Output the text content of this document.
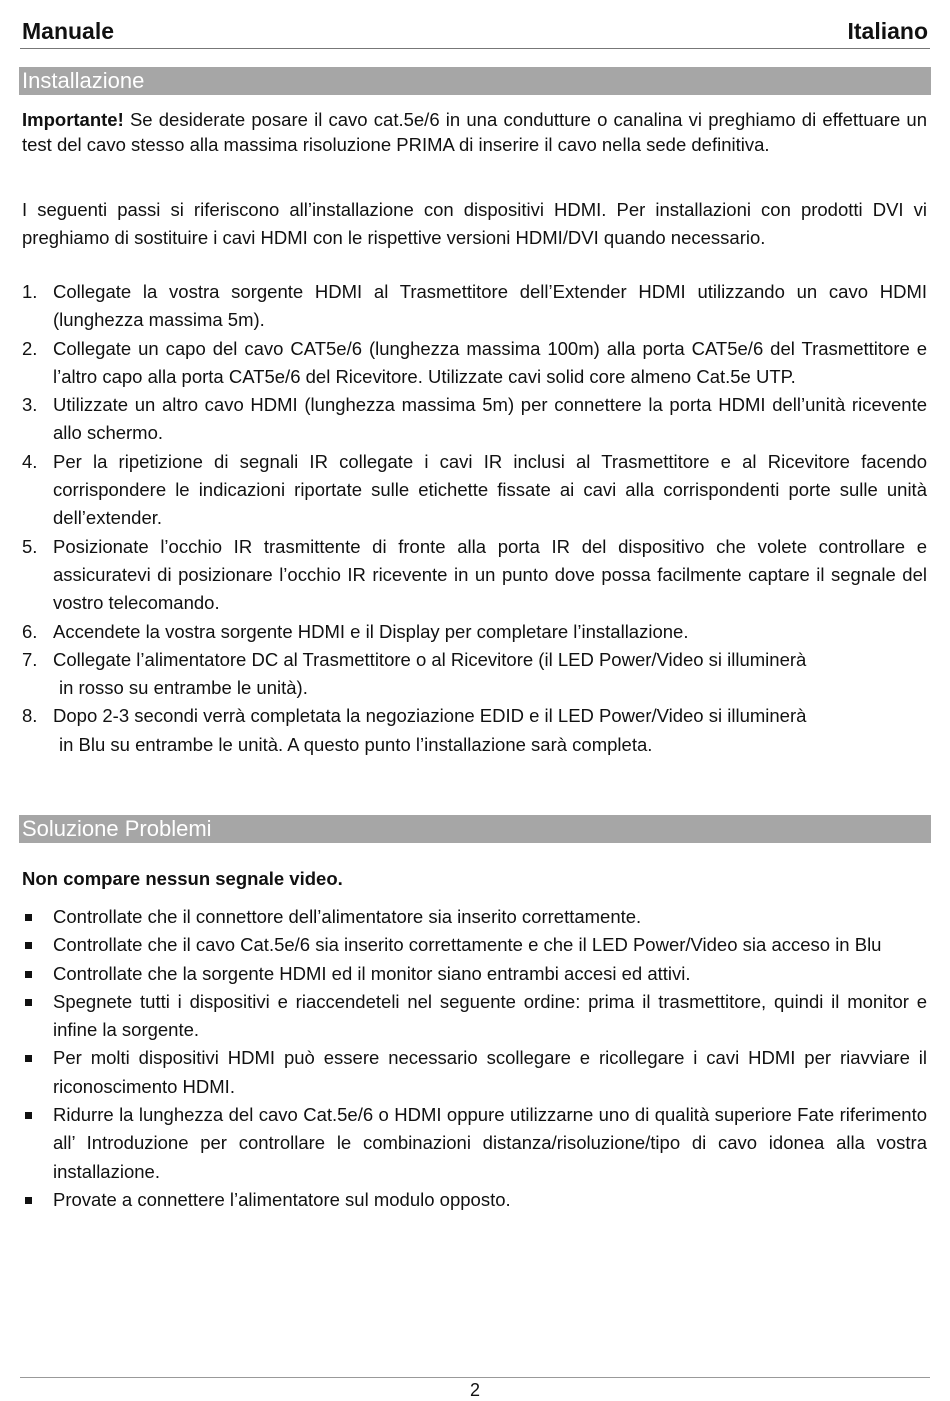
Manuale	Italiano
Installazione
Importante! Se desiderate posare il cavo cat.5e/6 in una condutture o canalina vi preghiamo di effettuare un test del cavo stesso alla massima risoluzione PRIMA di inserire il cavo nella sede definitiva.
I seguenti passi si riferiscono all’installazione con dispositivi HDMI. Per installazioni con prodotti DVI vi preghiamo di sostituire i cavi HDMI con le rispettive versioni HDMI/DVI quando necessario.
1. Collegate la vostra sorgente HDMI al Trasmettitore dell’Extender HDMI utilizzando un cavo HDMI (lunghezza massima 5m).
2. Collegate un capo del cavo CAT5e/6 (lunghezza massima 100m) alla porta CAT5e/6 del Trasmettitore e l’altro capo alla porta CAT5e/6 del Ricevitore. Utilizzate cavi solid core almeno Cat.5e UTP.
3. Utilizzate un altro cavo HDMI (lunghezza massima 5m) per connettere la porta HDMI dell’unità ricevente allo schermo.
4. Per la ripetizione di segnali IR collegate i cavi IR inclusi al Trasmettitore e al Ricevitore facendo corrispondere le indicazioni riportate sulle etichette fissate ai cavi alla corrispondenti porte sulle unità dell’extender.
5. Posizionate l’occhio IR trasmittente di fronte alla porta IR del dispositivo che volete controllare e assicuratevi di posizionare l’occhio IR ricevente in un punto dove possa facilmente captare il segnale del vostro telecomando.
6. Accendete la vostra sorgente HDMI e il Display per completare l’installazione.
7. Collegate l’alimentatore DC al Trasmettitore o al Ricevitore (il LED Power/Video si illuminerà
in rosso su entrambe le unità).
8. Dopo 2-3 secondi verrà completata la negoziazione EDID e il LED Power/Video si illuminerà
in Blu su entrambe le unità. A questo punto l’installazione sarà completa.
Soluzione Problemi
Non compare nessun segnale video.
Controllate che il connettore dell’alimentatore sia inserito correttamente.
Controllate che il cavo Cat.5e/6 sia inserito correttamente e che il LED Power/Video sia acceso in Blu
Controllate che la sorgente HDMI ed il monitor siano entrambi accesi ed attivi.
Spegnete tutti i dispositivi e riaccendeteli nel seguente ordine: prima il trasmettitore, quindi il monitor e infine la sorgente.
Per molti dispositivi HDMI può essere necessario scollegare e ricollegare i cavi HDMI per riavviare il riconoscimento HDMI.
Ridurre la lunghezza del cavo Cat.5e/6 o HDMI oppure utilizzarne uno di qualità superiore Fate riferimento all’ Introduzione per controllare le combinazioni distanza/risoluzione/tipo di cavo idonea alla vostra installazione.
Provate a connettere l’alimentatore sul modulo opposto.
2
